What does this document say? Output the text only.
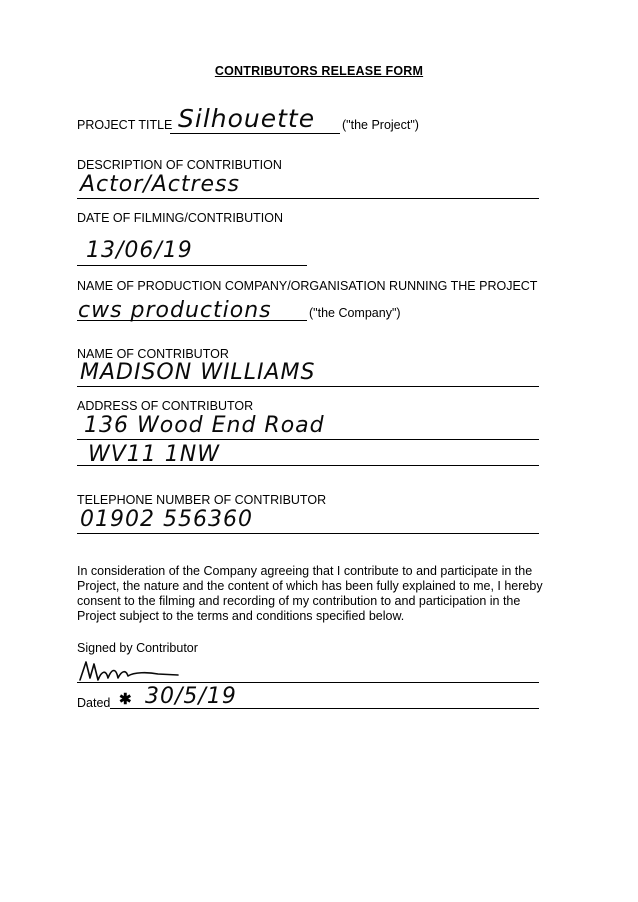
CONTRIBUTORS RELEASE FORM
PROJECT TITLE Silhouette ("the Project")
DESCRIPTION OF CONTRIBUTION
Actor/Actress
DATE OF FILMING/CONTRIBUTION
13/06/19
NAME OF PRODUCTION COMPANY/ORGANISATION RUNNING THE PROJECT
cws productions	("the Company")
NAME OF CONTRIBUTOR
MADISON WILLIAMS
ADDRESS OF CONTRIBUTOR
136 Wood End Road
WV11 1NW
TELEPHONE NUMBER OF CONTRIBUTOR
01902 556360
In consideration of the Company agreeing that I contribute to and participate in the Project, the nature and the content of which has been fully explained to me, I hereby consent to the filming and recording of my contribution to and participation in the Project subject to the terms and conditions specified below.
Signed by Contributor
Dated ✱ 30/5/19
